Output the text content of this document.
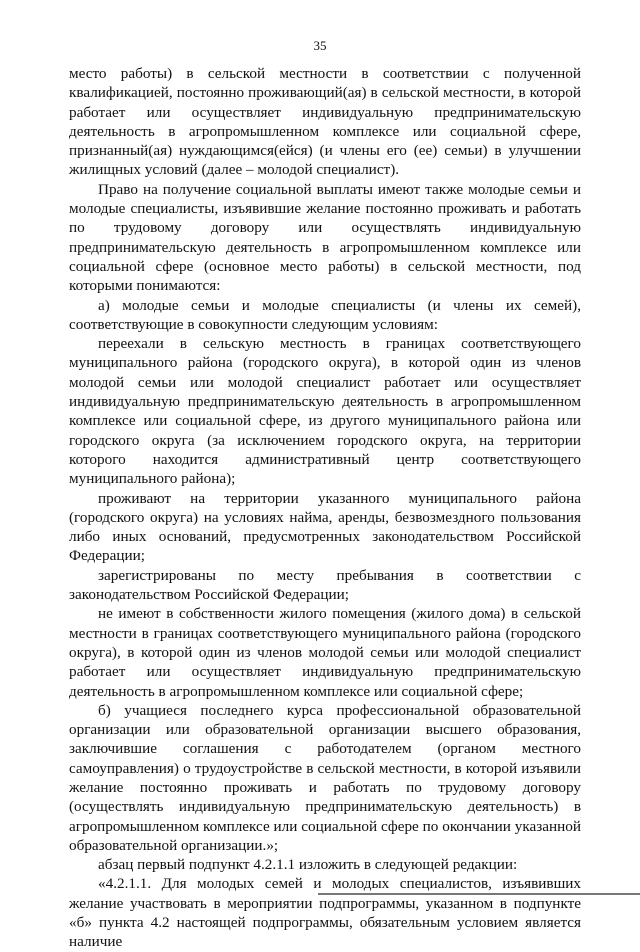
35

место работы) в сельской местности в соответствии с полученной квалификацией, постоянно проживающий(ая) в сельской местности, в которой работает или осуществляет индивидуальную предпринимательскую деятельность в агропромышленном комплексе или социальной сфере, признанный(ая) нуждающимся(ейся) (и члены его (ее) семьи) в улучшении жилищных условий (далее – молодой специалист).

Право на получение социальной выплаты имеют также молодые семьи и молодые специалисты, изъявившие желание постоянно проживать и работать по трудовому договору или осуществлять индивидуальную предпринимательскую деятельность в агропромышленном комплексе или социальной сфере (основное место работы) в сельской местности, под которыми понимаются:

а) молодые семьи и молодые специалисты (и члены их семей), соответствующие в совокупности следующим условиям:

переехали в сельскую местность в границах соответствующего муниципального района (городского округа), в которой один из членов молодой семьи или молодой специалист работает или осуществляет индивидуальную предпринимательскую деятельность в агропромышленном комплексе или социальной сфере, из другого муниципального района или городского округа (за исключением городского округа, на территории которого находится административный центр соответствующего муниципального района);

проживают на территории указанного муниципального района (городского округа) на условиях найма, аренды, безвозмездного пользования либо иных оснований, предусмотренных законодательством Российской Федерации;

зарегистрированы по месту пребывания в соответствии с законодательством Российской Федерации;

не имеют в собственности жилого помещения (жилого дома) в сельской местности в границах соответствующего муниципального района (городского округа), в которой один из членов молодой семьи или молодой специалист работает или осуществляет индивидуальную предпринимательскую деятельность в агропромышленном комплексе или социальной сфере;

б) учащиеся последнего курса профессиональной образовательной организации или образовательной организации высшего образования, заключившие соглашения с работодателем (органом местного самоуправления) о трудоустройстве в сельской местности, в которой изъявили желание постоянно проживать и работать по трудовому договору (осуществлять индивидуальную предпринимательскую деятельность) в агропромышленном комплексе или социальной сфере по окончании указанной образовательной организации.»;

абзац первый подпункт 4.2.1.1 изложить в следующей редакции:

«4.2.1.1. Для молодых семей и молодых специалистов, изъявивших желание участвовать в мероприятии подпрограммы, указанном в подпункте «б» пункта 4.2 настоящей подпрограммы, обязательным условием является наличие
